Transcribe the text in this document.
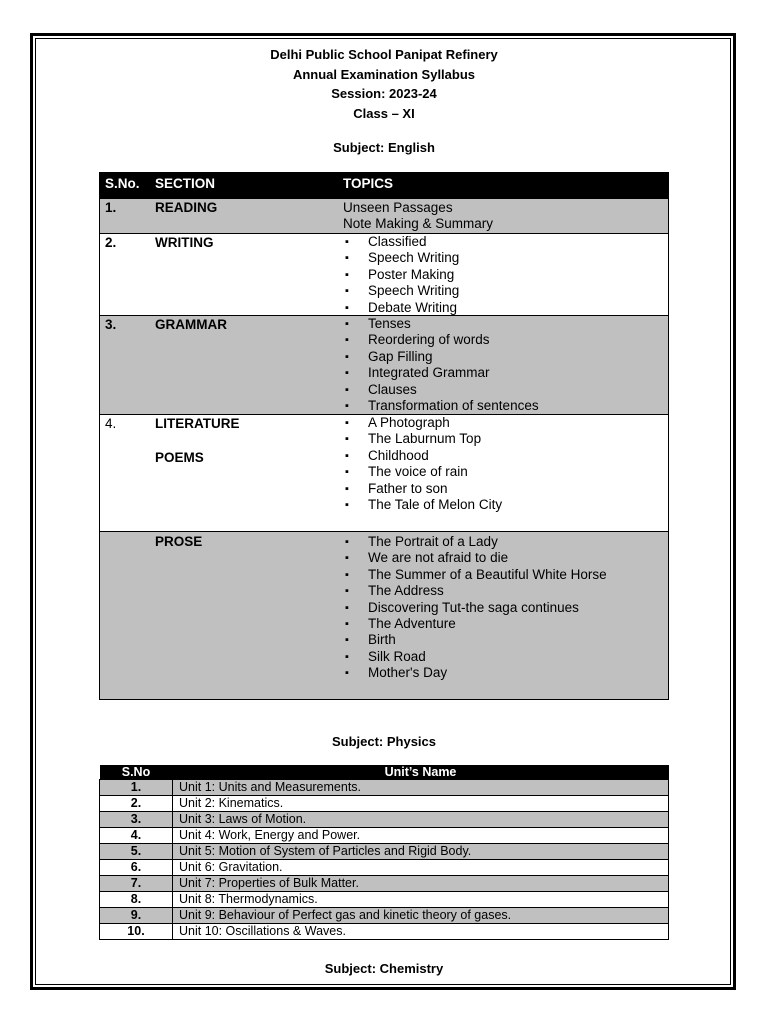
Delhi Public School Panipat Refinery
Annual Examination Syllabus
Session: 2023-24
Class – XI
Subject: English
S.No. SECTION	TOPICS
1.	READING	Unseen Passages
Note Making & Summary
2.	WRITING	▪ Classified
▪ Speech Writing
▪ Poster Making
▪ Speech Writing
▪ Debate Writing
3.	GRAMMAR	▪ Tenses
▪ Reordering of words
▪ Gap Filling
▪ Integrated Grammar
▪ Clauses
▪ Transformation of sentences
4.	LITERATURE
POEMS
▪ A Photograph
▪ The Laburnum Top
▪ Childhood
▪ The voice of rain
▪ Father to son
▪ The Tale of Melon City
PROSE	▪ The Portrait of a Lady
▪ We are not afraid to die
▪ The Summer of a Beautiful White Horse
▪ The Address
▪ Discovering Tut-the saga continues
▪ The Adventure
▪ Birth
▪ Silk Road
▪ Mother's Day
Subject: Physics
S.No	Unit’s Name
1.	Unit 1: Units and Measurements.
2.	Unit 2: Kinematics.
3.	Unit 3: Laws of Motion.
4.	Unit 4: Work, Energy and Power.
5.	Unit 5: Motion of System of Particles and Rigid Body.
6.	Unit 6: Gravitation.
7.	Unit 7: Properties of Bulk Matter.
8.	Unit 8: Thermodynamics.
9.	Unit 9: Behaviour of Perfect gas and kinetic theory of gases.
10.	Unit 10: Oscillations & Waves.
Subject: Chemistry
